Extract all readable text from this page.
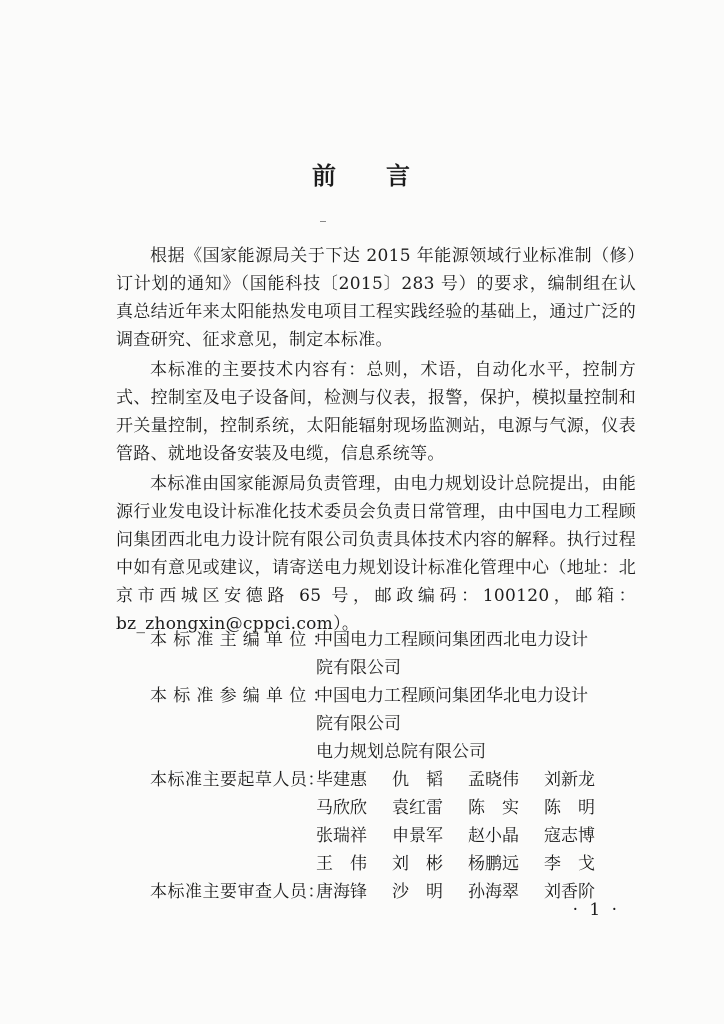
前 言

根据《国家能源局关于下达 2015 年能源领域行业标准制（修）订计划的通知》（国能科技〔2015〕283 号）的要求，编制组在认真总结近年来太阳能热发电项目工程实践经验的基础上，通过广泛的调查研究、征求意见，制定本标准。

本标准的主要技术内容有：总则，术语，自动化水平，控制方式、控制室及电子设备间，检测与仪表，报警，保护，模拟量控制和开关量控制，控制系统，太阳能辐射现场监测站，电源与气源，仪表管路、就地设备安装及电缆，信息系统等。

本标准由国家能源局负责管理，由电力规划设计总院提出，由能源行业发电设计标准化技术委员会负责日常管理，由中国电力工程顾问集团西北电力设计院有限公司负责具体技术内容的解释。执行过程中如有意见或建议，请寄送电力规划设计标准化管理中心（地址：北京市西城区安德路 65 号，邮政编码：100120，邮箱：bz_zhongxin@cppci.com）。

本标准主编单位：
中国电力工程顾问集团西北电力设计
院有限公司
本标准参编单位：
中国电力工程顾问集团华北电力设计
院有限公司
电力规划总院有限公司
本标准主要起草人员：
毕建惠	仇　韬	孟晓伟	刘新龙
马欣欣	袁红雷	陈　实	陈　明
张瑞祥	申景军	赵小晶	寇志博
王　伟	刘　彬	杨鹏远	李　戈
本标准主要审查人员：
唐海锋	沙　明	孙海翠	刘香阶
· 1 ·
